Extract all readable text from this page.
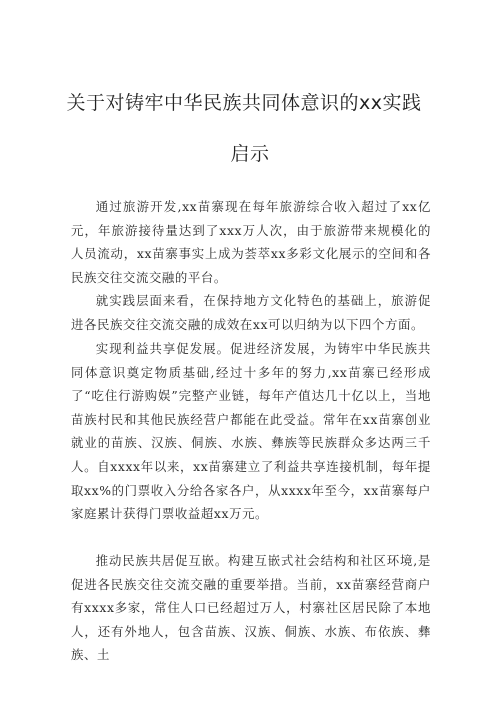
关于对铸牢中华民族共同体意识的xx实践
启示

通过旅游开发,xx苗寨现在每年旅游综合收入超过了xx亿元，年旅游接待量达到了xxx万人次，由于旅游带来规模化的人员流动，xx苗寨事实上成为荟萃xx多彩文化展示的空间和各民族交往交流交融的平台。

就实践层面来看，在保持地方文化特色的基础上，旅游促进各民族交往交流交融的成效在xx可以归纳为以下四个方面。

实现利益共享促发展。促进经济发展，为铸牢中华民族共同体意识奠定物质基础,经过十多年的努力,xx苗寨已经形成了“吃住行游购娱”完整产业链，每年产值达几十亿以上，当地苗族村民和其他民族经营户都能在此受益。常年在xx苗寨创业就业的苗族、汉族、侗族、水族、彝族等民族群众多达两三千人。自xxxx年以来，xx苗寨建立了利益共享连接机制，每年提取xx%的门票收入分给各家各户，从xxxx年至今，xx苗寨每户家庭累计获得门票收益超xx万元。

推动民族共居促互嵌。构建互嵌式社会结构和社区环境,是促进各民族交往交流交融的重要举措。当前，xx苗寨经营商户有xxxx多家，常住人口已经超过万人，村寨社区居民除了本地人，还有外地人，包含苗族、汉族、侗族、水族、布依族、彝族、土
